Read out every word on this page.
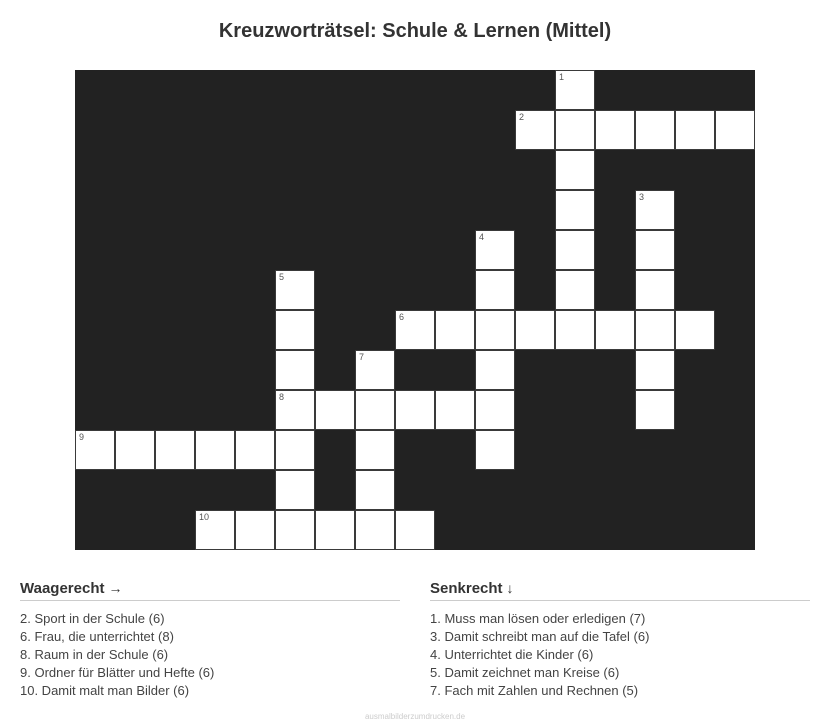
Kreuzworträtsel: Schule & Lernen (Mittel)
1
2
3
4
5
6
7
8
9
10
Waagerecht →
2. Sport in der Schule (6)
6. Frau, die unterrichtet (8)
8. Raum in der Schule (6)
9. Ordner für Blätter und Hefte (6)
10. Damit malt man Bilder (6)
Senkrecht ↓
1. Muss man lösen oder erledigen (7)
3. Damit schreibt man auf die Tafel (6)
4. Unterrichtet die Kinder (6)
5. Damit zeichnet man Kreise (6)
7. Fach mit Zahlen und Rechnen (5)
ausmalbilderzumdrucken.de
